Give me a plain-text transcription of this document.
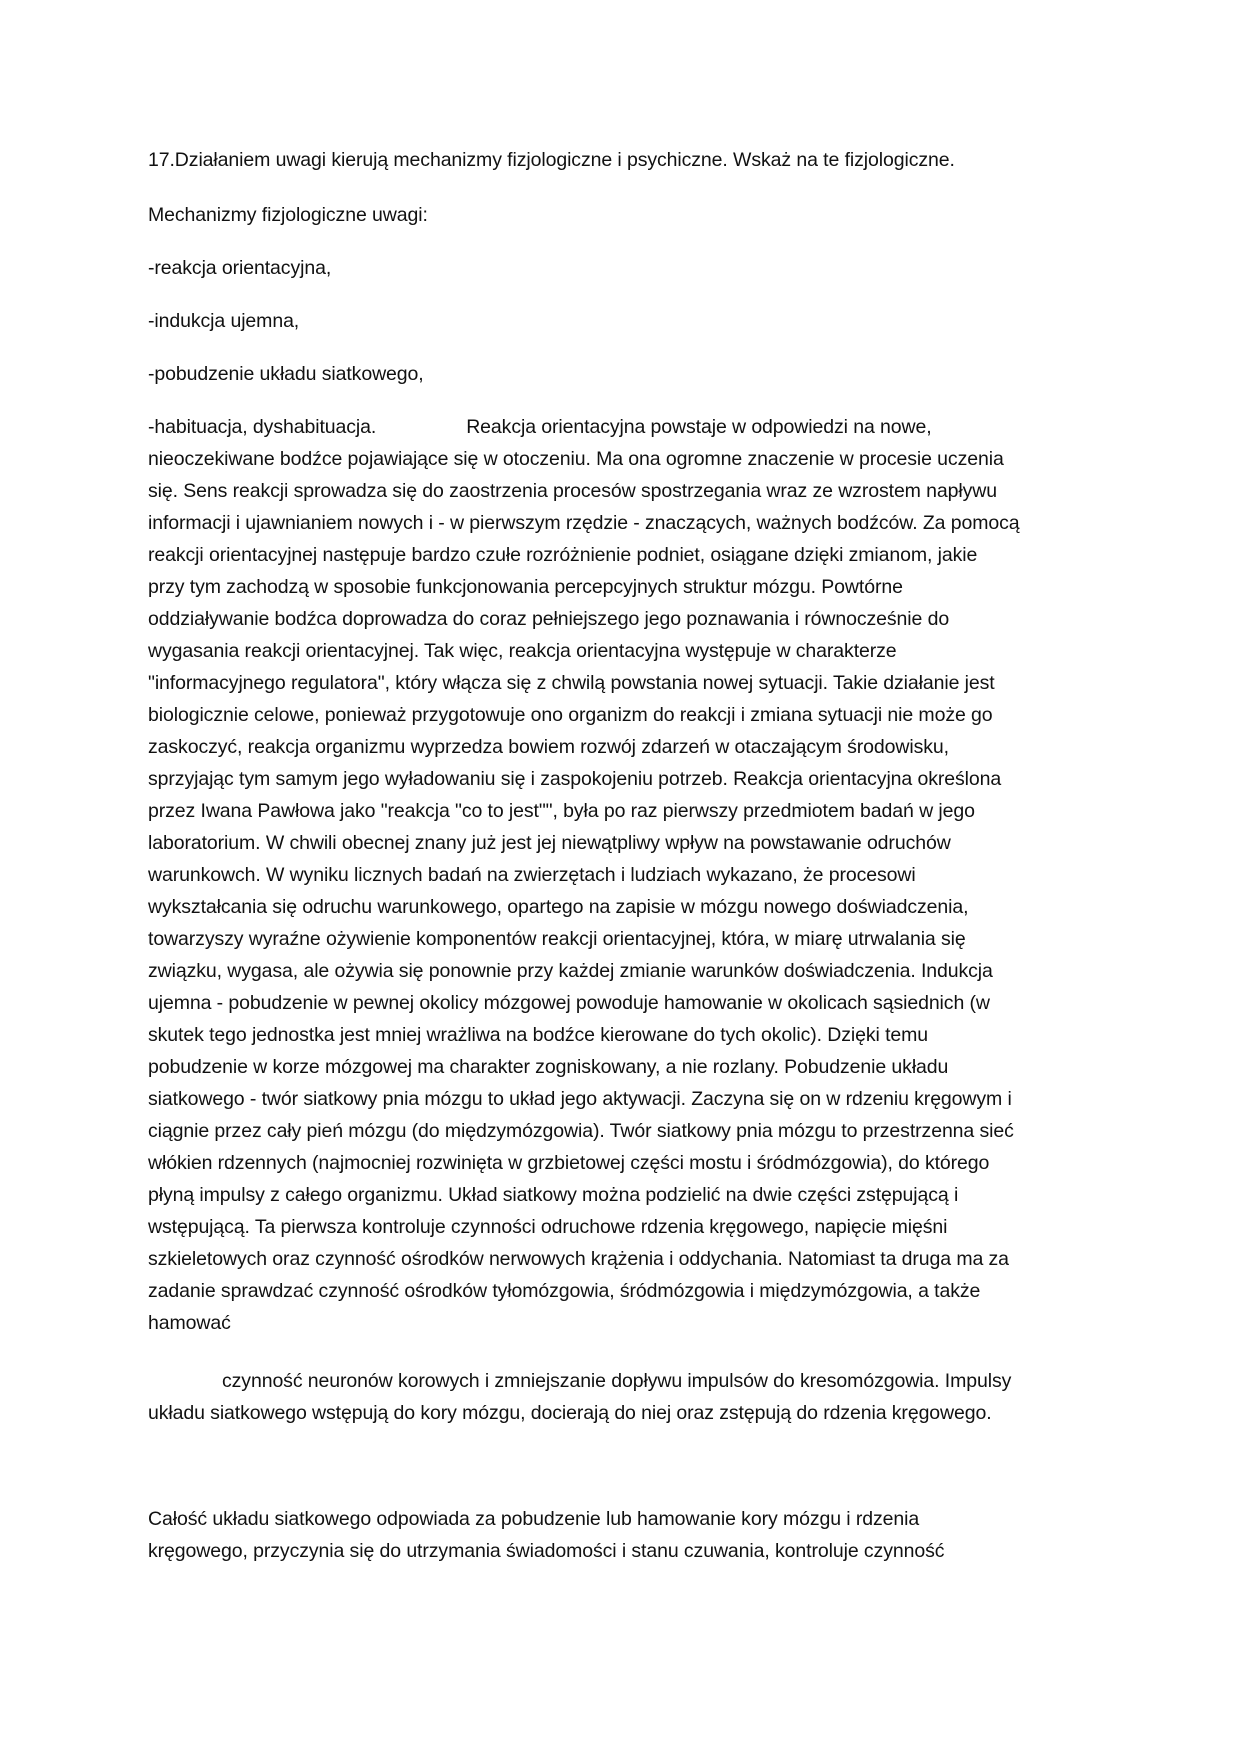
17.Działaniem uwagi kierują mechanizmy fizjologiczne i psychiczne. Wskaż na te fizjologiczne.
Mechanizmy fizjologiczne uwagi:
-reakcja orientacyjna,
-indukcja ujemna,
-pobudzenie układu siatkowego,
-habituacja, dyshabituacja.	Reakcja orientacyjna powstaje w odpowiedzi na nowe,
nieoczekiwane bodźce pojawiające się w otoczeniu. Ma ona ogromne znaczenie w procesie uczenia
się. Sens reakcji sprowadza się do zaostrzenia procesów spostrzegania wraz ze wzrostem napływu
informacji i ujawnianiem nowych i - w pierwszym rzędzie - znaczących, ważnych bodźców. Za pomocą
reakcji orientacyjnej następuje bardzo czułe rozróżnienie podniet, osiągane dzięki zmianom, jakie
przy tym zachodzą w sposobie funkcjonowania percepcyjnych struktur mózgu. Powtórne
oddziaływanie bodźca doprowadza do coraz pełniejszego jego poznawania i równocześnie do
wygasania reakcji orientacyjnej. Tak więc, reakcja orientacyjna występuje w charakterze
"informacyjnego regulatora", który włącza się z chwilą powstania nowej sytuacji. Takie działanie jest
biologicznie celowe, ponieważ przygotowuje ono organizm do reakcji i zmiana sytuacji nie może go
zaskoczyć, reakcja organizmu wyprzedza bowiem rozwój zdarzeń w otaczającym środowisku,
sprzyjając tym samym jego wyładowaniu się i zaspokojeniu potrzeb. Reakcja orientacyjna określona
przez Iwana Pawłowa jako "reakcja "co to jest"", była po raz pierwszy przedmiotem badań w jego
laboratorium. W chwili obecnej znany już jest jej niewątpliwy wpływ na powstawanie odruchów
warunkowch. W wyniku licznych badań na zwierzętach i ludziach wykazano, że procesowi
wykształcania się odruchu warunkowego, opartego na zapisie w mózgu nowego doświadczenia,
towarzyszy wyraźne ożywienie komponentów reakcji orientacyjnej, która, w miarę utrwalania się
związku, wygasa, ale ożywia się ponownie przy każdej zmianie warunków doświadczenia. Indukcja
ujemna - pobudzenie w pewnej okolicy mózgowej powoduje hamowanie w okolicach sąsiednich (w
skutek tego jednostka jest mniej wrażliwa na bodźce kierowane do tych okolic). Dzięki temu
pobudzenie w korze mózgowej ma charakter zogniskowany, a nie rozlany. Pobudzenie układu
siatkowego - twór siatkowy pnia mózgu to układ jego aktywacji. Zaczyna się on w rdzeniu kręgowym i
ciągnie przez cały pień mózgu (do międzymózgowia). Twór siatkowy pnia mózgu to przestrzenna sieć
włókien rdzennych (najmocniej rozwinięta w grzbietowej części mostu i śródmózgowia), do którego
płyną impulsy z całego organizmu. Układ siatkowy można podzielić na dwie części zstępującą i
wstępującą. Ta pierwsza kontroluje czynności odruchowe rdzenia kręgowego, napięcie mięśni
szkieletowych oraz czynność ośrodków nerwowych krążenia i oddychania. Natomiast ta druga ma za
zadanie sprawdzać czynność ośrodków tyłomózgowia, śródmózgowia i międzymózgowia, a także
hamować
czynność neuronów korowych i zmniejszanie dopływu impulsów do kresomózgowia. Impulsy
układu siatkowego wstępują do kory mózgu, docierają do niej oraz zstępują do rdzenia kręgowego.
Całość układu siatkowego odpowiada za pobudzenie lub hamowanie kory mózgu i rdzenia
kręgowego, przyczynia się do utrzymania świadomości i stanu czuwania, kontroluje czynność
